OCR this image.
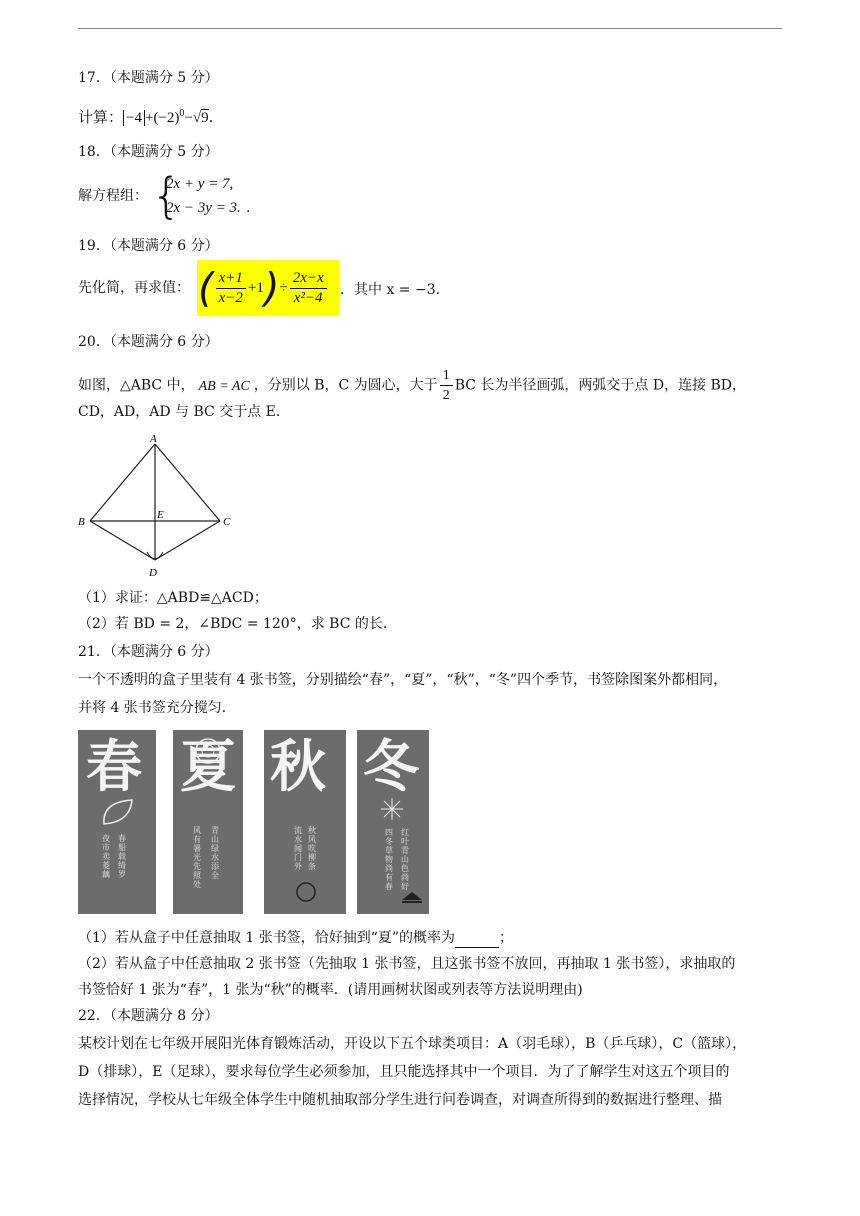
17．（本题满分 5 分）
计算： $-4 +(-2)^0-√9$.
18．（本题满分 5 分）
解方程组： {
2x + y = 7,
2x − 3y = 3. .
19．（本题满分 6 分）
先化简，再求值： ( $\frac{x+1}{x-2} +1)\div \frac{2x-x}{\text{x²−4}}$ ．其中 x = −3．
20．（本题满分 6 分）
如图，△ABC 中， AB = AC ，分别以 B，C 为圆心，大于 $\frac{1}{2}$ BC 长为半径画弧，两弧交于点 D，连接 BD，
CD，AD，AD 与 BC 交于点 E．
A
B	C
E
D
（1）求证：△ABD≌△ACD；
（2）若 BD = 2，∠BDC = 120°，求 BC 的长．
21．（本题满分 6 分）
一个不透明的盒子里装有 4 张书签，分别描绘“春”，“夏”，“秋”，“冬”四个季节，书签除图案外都相同，
并将 4 张书签充分搅匀．
春
春船载绮罗
夜市卖菱藕
夏
青山绿水添全
风有暑光先照处
秋
秋风吹柳条
流水闻门外
冬
红叶青山色尚好
四冬草物尚有春
（1）若从盒子中任意抽取 1 张书签，恰好抽到“夏”的概率为	；
（2）若从盒子中任意抽取 2 张书签（先抽取 1 张书签，且这张书签不放回，再抽取 1 张书签），求抽取的
书签恰好 1 张为“春”，1 张为“秋”的概率．(请用画树状图或列表等方法说明理由)
22．（本题满分 8 分）
某校计划在七年级开展阳光体育锻炼活动，开设以下五个球类项目：A（羽毛球），B（乒乓球），C（篮球），
D（排球），E（足球），要求每位学生必须参加，且只能选择其中一个项目．为了了解学生对这五个项目的
选择情况，学校从七年级全体学生中随机抽取部分学生进行问卷调查，对调查所得到的数据进行整理、描
